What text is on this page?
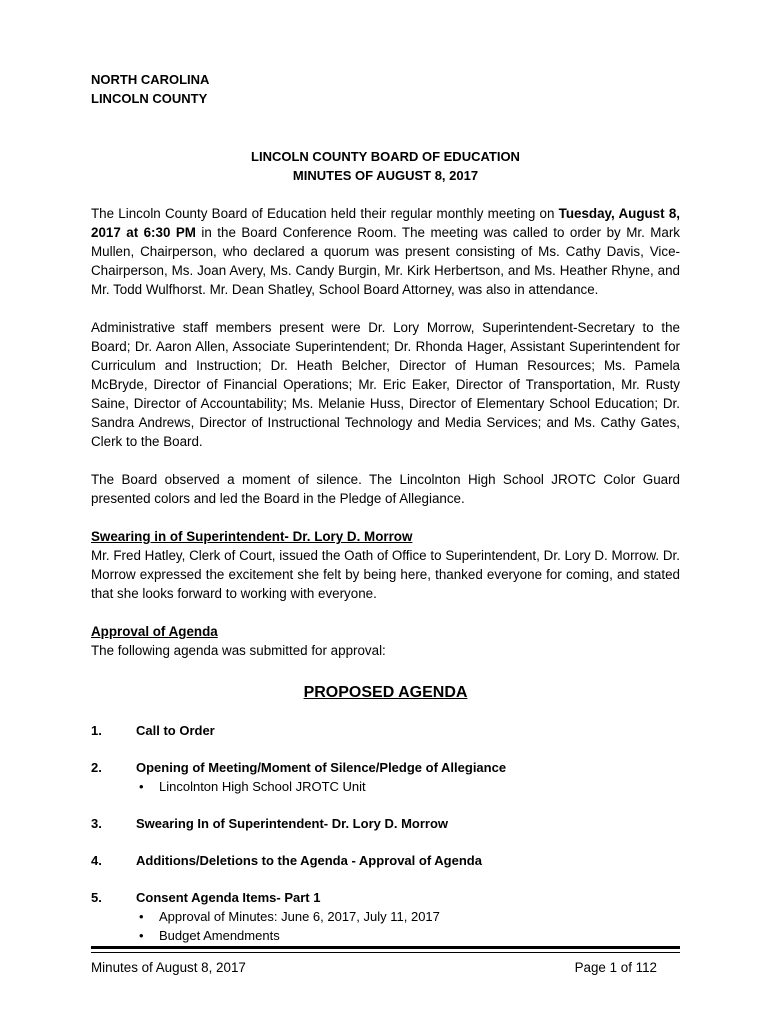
NORTH CAROLINA
LINCOLN COUNTY
LINCOLN COUNTY BOARD OF EDUCATION
MINUTES OF AUGUST 8, 2017

The Lincoln County Board of Education held their regular monthly meeting on Tuesday, August 8, 2017 at 6:30 PM in the Board Conference Room. The meeting was called to order by Mr. Mark Mullen, Chairperson, who declared a quorum was present consisting of Ms. Cathy Davis, Vice-Chairperson, Ms. Joan Avery, Ms. Candy Burgin, Mr. Kirk Herbertson, and Ms. Heather Rhyne, and Mr. Todd Wulfhorst. Mr. Dean Shatley, School Board Attorney, was also in attendance.

Administrative staff members present were Dr. Lory Morrow, Superintendent-Secretary to the Board; Dr. Aaron Allen, Associate Superintendent; Dr. Rhonda Hager, Assistant Superintendent for Curriculum and Instruction; Dr. Heath Belcher, Director of Human Resources; Ms. Pamela McBryde, Director of Financial Operations; Mr. Eric Eaker, Director of Transportation, Mr. Rusty Saine, Director of Accountability; Ms. Melanie Huss, Director of Elementary School Education; Dr. Sandra Andrews, Director of Instructional Technology and Media Services; and Ms. Cathy Gates, Clerk to the Board.

The Board observed a moment of silence. The Lincolnton High School JROTC Color Guard presented colors and led the Board in the Pledge of Allegiance.

Swearing in of Superintendent- Dr. Lory D. Morrow
Mr. Fred Hatley, Clerk of Court, issued the Oath of Office to Superintendent, Dr. Lory D. Morrow. Dr. Morrow expressed the excitement she felt by being here, thanked everyone for coming, and stated that she looks forward to working with everyone.
Approval of Agenda
The following agenda was submitted for approval:
PROPOSED AGENDA
1.	Call to Order
2.	Opening of Meeting/Moment of Silence/Pledge of Allegiance
• Lincolnton High School JROTC Unit
3.	Swearing In of Superintendent- Dr. Lory D. Morrow
4.	Additions/Deletions to the Agenda - Approval of Agenda
5.	Consent Agenda Items- Part 1
• Approval of Minutes: June 6, 2017, July 11, 2017
• Budget Amendments
Minutes of August 8, 2017	Page 1 of 112
